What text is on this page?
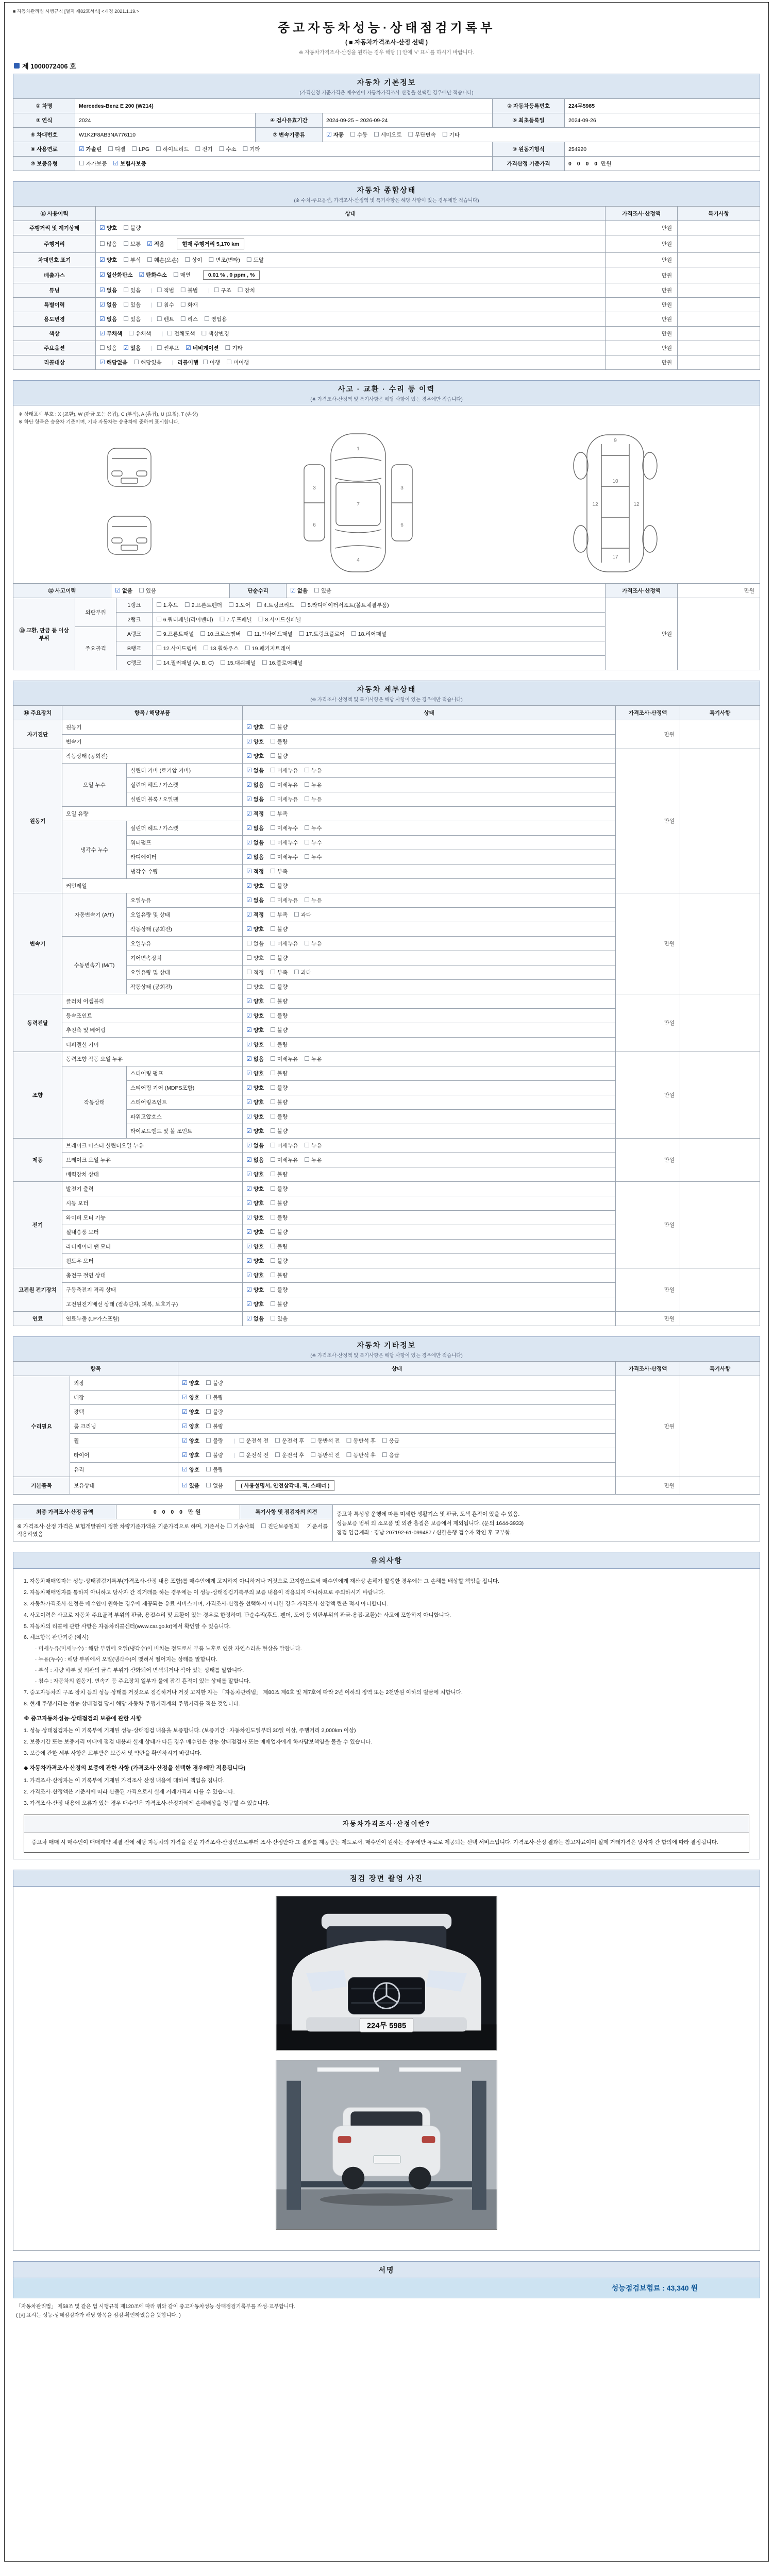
■ 자동차관리법 시행규칙 [별지 제82호서식] <개정 2021.1.19.>
중고자동차성능·상태점검기록부
( ■ 자동차가격조사·산정 선택 )
※ 자동차가격조사·산정을 원하는 경우 해당 [ ] 안에 '√' 표시를 하시기 바랍니다.
제 1000072406 호
자동차 기본정보
(가격산정 기준가격은 매수인이 자동차가격조사·산정을 선택한 경우에만 적습니다)
① 차명	Mercedes-Benz E 200 (W214)			② 자동차등록번호	224무5985
③ 연식	2024	④ 검사유효기간	2024-09-25 ~ 2026-09-24	⑤ 최초등록일	2024-09-26
⑥ 차대번호	W1KZF8AB3NA776110	⑦ 변속기종류	☑ 자동 ☐ 수동 ☐ 세미오토 ☐ 무단변속 ☐ 기타		
⑧ 사용연료	☑ 가솔린 ☐ 디젤 ☐ LPG ☐ 하이브리드 ☐ 전기 ☐ 수소 ☐ 기타			⑨ 원동기형식	254920
⑩ 보증유형	☐ 자가보증 ☑ 보험사보증			가격산정 기준가격	0 0 0 0 만원
자동차 종합상태
(※ 수치·주요옵션, 가격조사·산정액 및 특기사항은 해당 사항이 있는 경우에만 적습니다)
⑪ 사용이력	상태	가격조사·산정액	특기사항
주행거리 및 계기상태	☑ 양호 ☐ 불량	만원	
주행거리	☐ 많음 ☐ 보통 ☑ 적음 현재 주행거리 5,170 km	만원	
차대번호 표기	☑ 양호 ☐ 부식 ☐ 훼손(오손) ☐ 상이 ☐ 변조(변타) ☐ 도말	만원	
배출가스	☑ 일산화탄소 ☑ 탄화수소 ☐ 매연 0.01 % , 0 ppm , %	만원	
튜닝	☑ 없음 ☐ 있음 | ☐ 적법 ☐ 불법 | ☐ 구조 ☐ 장치	만원	
특별이력	☑ 없음 ☐ 있음 | ☐ 침수 ☐ 화재	만원	
용도변경	☑ 없음 ☐ 있음 | ☐ 렌트 ☐ 리스 ☐ 영업용	만원	
색상	☑ 무채색 ☐ 유채색 | ☐ 전체도색 ☐ 색상변경	만원	
주요옵션	☐ 없음 ☑ 있음 | ☐ 썬루프 ☑ 네비게이션 ☐ 기타	만원	
리콜대상	☑ 해당없음 ☐ 해당있음 | 리콜이행 ☐ 이행 ☐ 미이행	만원	
사고 · 교환 · 수리 등 이력
(※ 가격조사·산정액 및 특기사항은 해당 사항이 있는 경우에만 적습니다)
※ 상태표시 부호 : X (교환), W (판금 또는 용접), C (부식), A (흠집), U (요철), T (손상)
※ 하단 항목은 승용차 기준이며, 기타 자동차는 승용차에 준하여 표시합니다.
1
7
4
3	3
6	6
9
10
12	12
17
⑫ 사고이력	☑ 없음 ☐ 있음	단순수리	☑ 없음 ☐ 있음	가격조사·산정액	만원
⑬ 교환, 판금 등 이상 부위	외판부위	1랭크	☐ 1.후드 ☐ 2.프론트펜더 ☐ 3.도어 ☐ 4.트렁크리드 ☐ 5.라디에이터서포트(볼트체결부품)	만원	
		2랭크	☐ 6.쿼터패널(리어펜더) ☐ 7.루프패널 ☐ 8.사이드실패널		
	주요골격	A랭크	☐ 9.프론트패널 ☐ 10.크로스멤버 ☐ 11.인사이드패널 ☐ 17.트렁크플로어 ☐ 18.리어패널		
		B랭크	☐ 12.사이드멤버 ☐ 13.휠하우스 ☐ 19.패키지트레이		
		C랭크	☐ 14.필러패널 (A, B, C) ☐ 15.대쉬패널 ☐ 16.플로어패널		
자동차 세부상태
(※ 가격조사·산정액 및 특기사항은 해당 사항이 있는 경우에만 적습니다)
⑭ 주요장치	항목 / 해당부품		상태	가격조사·산정액	특기사항
자기진단	원동기		☑ 양호 ☐ 불량	만원	
	변속기		☑ 양호 ☐ 불량		
원동기	작동상태 (공회전)		☑ 양호 ☐ 불량	만원	
	오일 누수	실린더 커버 (로커암 커버)	☑ 없음 ☐ 미세누유 ☐ 누유		
		실린더 헤드 / 가스켓	☑ 없음 ☐ 미세누유 ☐ 누유		
		실린더 블록 / 오일팬	☑ 없음 ☐ 미세누유 ☐ 누유		
	오일 유량		☑ 적정 ☐ 부족		
	냉각수 누수	실린더 헤드 / 가스켓	☑ 없음 ☐ 미세누수 ☐ 누수		
		워터펌프	☑ 없음 ☐ 미세누수 ☐ 누수		
		라디에이터	☑ 없음 ☐ 미세누수 ☐ 누수		
		냉각수 수량	☑ 적정 ☐ 부족		
	커먼레일		☑ 양호 ☐ 불량		
변속기	자동변속기 (A/T)	오일누유	☑ 없음 ☐ 미세누유 ☐ 누유	만원	
		오일유량 및 상태	☑ 적정 ☐ 부족 ☐ 과다		
		작동상태 (공회전)	☑ 양호 ☐ 불량		
	수동변속기 (M/T)	오일누유	☐ 없음 ☐ 미세누유 ☐ 누유		
		기어변속장치	☐ 양호 ☐ 불량		
		오일유량 및 상태	☐ 적정 ☐ 부족 ☐ 과다		
		작동상태 (공회전)	☐ 양호 ☐ 불량		
동력전달	클러치 어셈블리		☑ 양호 ☐ 불량	만원	
	등속조인트		☑ 양호 ☐ 불량		
	추진축 및 베어링		☑ 양호 ☐ 불량		
	디퍼렌셜 기어		☑ 양호 ☐ 불량		
조향	동력조향 작동 오일 누유		☑ 없음 ☐ 미세누유 ☐ 누유	만원	
	작동상태	스티어링 펌프	☑ 양호 ☐ 불량		
		스티어링 기어 (MDPS포함)	☑ 양호 ☐ 불량		
		스티어링조인트	☑ 양호 ☐ 불량		
		파워고압호스	☑ 양호 ☐ 불량		
		타이로드엔드 및 볼 조인트	☑ 양호 ☐ 불량		
제동	브레이크 마스터 실린더오일 누유		☑ 없음 ☐ 미세누유 ☐ 누유	만원	
	브레이크 오일 누유		☑ 없음 ☐ 미세누유 ☐ 누유		
	배력장치 상태		☑ 양호 ☐ 불량		
전기	발전기 출력		☑ 양호 ☐ 불량	만원	
	시동 모터		☑ 양호 ☐ 불량		
	와이퍼 모터 기능		☑ 양호 ☐ 불량		
	실내송풍 모터		☑ 양호 ☐ 불량		
	라디에이터 팬 모터		☑ 양호 ☐ 불량		
	윈도우 모터		☑ 양호 ☐ 불량		
고전원 전기장치	충전구 절연 상태		☑ 양호 ☐ 불량	만원	
	구동축전지 격리 상태		☑ 양호 ☐ 불량		
	고전원전기배선 상태 (접속단자, 피복, 보호기구)		☑ 양호 ☐ 불량		
연료	연료누출 (LP가스포함)		☑ 없음 ☐ 있음	만원	
자동차 기타정보
(※ 가격조사·산정액 및 특기사항은 해당 사항이 있는 경우에만 적습니다)
항목		상태	가격조사·산정액	특기사항
수리필요	외장	☑ 양호 ☐ 불량	만원	
	내장	☑ 양호 ☐ 불량		
	광택	☑ 양호 ☐ 불량		
	룸 크리닝	☑ 양호 ☐ 불량		
	휠	☑ 양호 ☐ 불량 | ☐ 운전석 전 ☐ 운전석 후 ☐ 동반석 전 ☐ 동반석 후 ☐ 응급		
	타이어	☑ 양호 ☐ 불량 | ☐ 운전석 전 ☐ 운전석 후 ☐ 동반석 전 ☐ 동반석 후 ☐ 응급		
	유리	☑ 양호 ☐ 불량		
기본품목	보유상태	☑ 있음 ☐ 없음 ( 사용설명서, 안전삼각대, 잭, 스패너 )	만원	
최종 가격조사·산정 금액	0 0 0 0 만원	특기사항 및 점검자의 의견	중고차 특성상 운행에 따른 미세한 생활기스 및 판금, 도색 흔적이 있을 수 있음.
성능보증 범위 외 소모품 및 외관 흠집은 보증에서 제외됩니다. (문의 1644-3933)
점검 입금계좌 : 경남 207192-61-099487 / 신한은행 검수자 확인 후 교부함.

※ 가격조사·산정 가격은 보험개발원이 정한 차량기준가액을 기준가격으로 하며, 기준서는 ☐ 기술사회 ☐ 진단보증협회 기준서를 적용하였음
유의사항
1. 자동차매매업자는 성능·상태점검기록부(가격조사·산정 내용 포함)를 매수인에게 고지하지 아니하거나 거짓으로 고지함으로써 매수인에게 재산상 손해가 발생한 경우에는 그 손해를 배상할 책임을 집니다.
2. 자동차매매업자를 통하지 아니하고 당사자 간 직거래를 하는 경우에는 이 성능·상태점검기록부의 보증 내용이 적용되지 아니하므로 주의하시기 바랍니다.
3. 자동차가격조사·산정은 매수인이 원하는 경우에 제공되는 유료 서비스이며, 가격조사·산정을 선택하지 아니한 경우 가격조사·산정액 란은 적지 아니합니다.
4. 사고이력은 사고로 자동차 주요골격 부위의 판금, 용접수리 및 교환이 있는 경우로 한정하며, 단순수리(후드, 펜더, 도어 등 외판부위의 판금·용접·교환)는 사고에 포함하지 아니합니다.
5. 자동차의 리콜에 관한 사항은 자동차리콜센터(www.car.go.kr)에서 확인할 수 있습니다.
6. 체크항목 판단기준 (예시)
· 미세누유(미세누수) : 해당 부위에 오일(냉각수)이 비치는 정도로서 부품 노후로 인한 자연스러운 현상을 말합니다.
· 누유(누수) : 해당 부위에서 오일(냉각수)이 맺혀서 떨어지는 상태를 말합니다.
· 부식 : 차량 하부 및 외판의 금속 부위가 산화되어 변색되거나 삭아 있는 상태를 말합니다.
· 침수 : 자동차의 원동기, 변속기 등 주요장치 일부가 물에 잠긴 흔적이 있는 상태를 말합니다.
7. 중고자동차의 구조·장치 등의 성능·상태를 거짓으로 점검하거나 거짓 고지한 자는 「자동차관리법」 제80조 제6호 및 제7호에 따라 2년 이하의 징역 또는 2천만원 이하의 벌금에 처합니다.
8. 현재 주행거리는 성능·상태점검 당시 해당 자동차 주행거리계의 주행거리를 적은 것입니다.
※ 중고자동차성능·상태점검의 보증에 관한 사항
1. 성능·상태점검자는 이 기록부에 기재된 성능·상태점검 내용을 보증합니다. (보증기간 : 자동차인도일부터 30일 이상, 주행거리 2,000km 이상)
2. 보증기간 또는 보증거리 이내에 점검 내용과 실제 상태가 다른 경우 매수인은 성능·상태점검자 또는 매매업자에게 하자담보책임을 물을 수 있습니다.
3. 보증에 관한 세부 사항은 교부받은 보증서 및 약관을 확인하시기 바랍니다.
◆ 자동차가격조사·산정의 보증에 관한 사항 (가격조사·산정을 선택한 경우에만 적용됩니다)
1. 가격조사·산정자는 이 기록부에 기재된 가격조사·산정 내용에 대하여 책임을 집니다.
2. 가격조사·산정액은 기준서에 따라 산출된 가격으로서 실제 거래가격과 다를 수 있습니다.
3. 가격조사·산정 내용에 오류가 있는 경우 매수인은 가격조사·산정자에게 손해배상을 청구할 수 있습니다.
자동차가격조사·산정이란?
중고차 매매 시 매수인이 매매계약 체결 전에 해당 자동차의 가격을 전문 가격조사·산정인으로부터 조사·산정받아 그 결과를 제공받는 제도로서, 매수인이 원하는 경우에만 유료로 제공되는 선택 서비스입니다. 가격조사·산정 결과는 참고자료이며 실제 거래가격은 당사자 간 합의에 따라 결정됩니다.
점검 장면 촬영 사진
224무 5985
서명
성능점검보험료 : 43,340 원
「자동차관리법」 제58조 및 같은 법 시행규칙 제120조에 따라 위와 같이 중고자동차성능·상태점검기록부를 작성·교부합니다.
( [√] 표시는 성능·상태점검자가 해당 항목을 점검·확인하였음을 뜻합니다. )
